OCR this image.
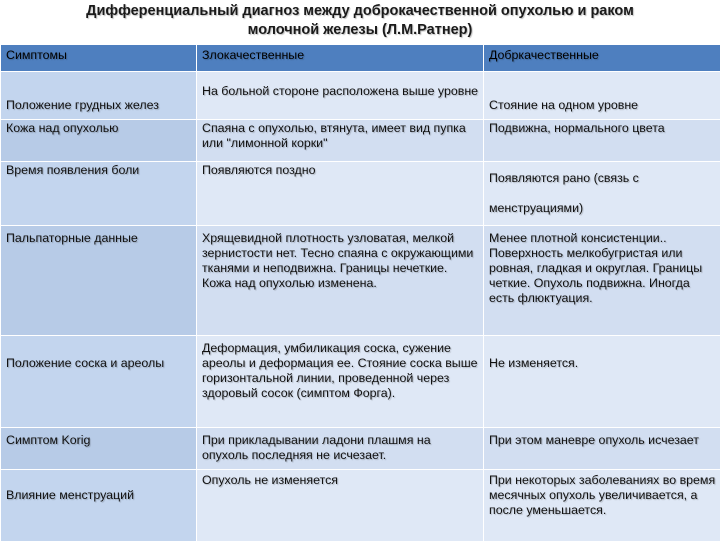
Дифференциальный диагноз между доброкачественной опухолью и раком
молочной железы (Л.М.Ратнер)
Симптомы	Злокачественные	Добркачественные
Положение грудных желез	На больной стороне расположена выше уровне	Стояние на одном уровне
Кожа над опухолью	Спаяна с опухолью, втянута, имеет вид пупка или "лимонной корки"	Подвижна, нормального цвета
Время появления боли	Появляются поздно	Появляются рано (связь с менструациями)
Пальпаторные данные	Хрящевидной плотность узловатая, мелкой зернистости нет. Тесно спаяна с окружающими тканями и неподвижна. Границы нечеткие. Кожа над опухолью изменена.	Менее плотной консистенции.. Поверхность мелкобугристая или ровная, гладкая и округлая. Границы четкие. Опухоль подвижна. Иногда есть флюктуация.
Положение соска и ареолы	Деформация, умбиликация соска, сужение ареолы и деформация ее. Стояние соска выше горизонтальной линии, проведенной через здоровый сосок (симптом Форга).	Не изменяется.
Симптом Korig	При прикладывании ладони плашмя на опухоль последняя не исчезает.	При этом маневре опухоль исчезает
Влияние менструаций	Опухоль не изменяется	При некоторых заболеваниях во время месячных опухоль увеличивается, а после уменьшается.
